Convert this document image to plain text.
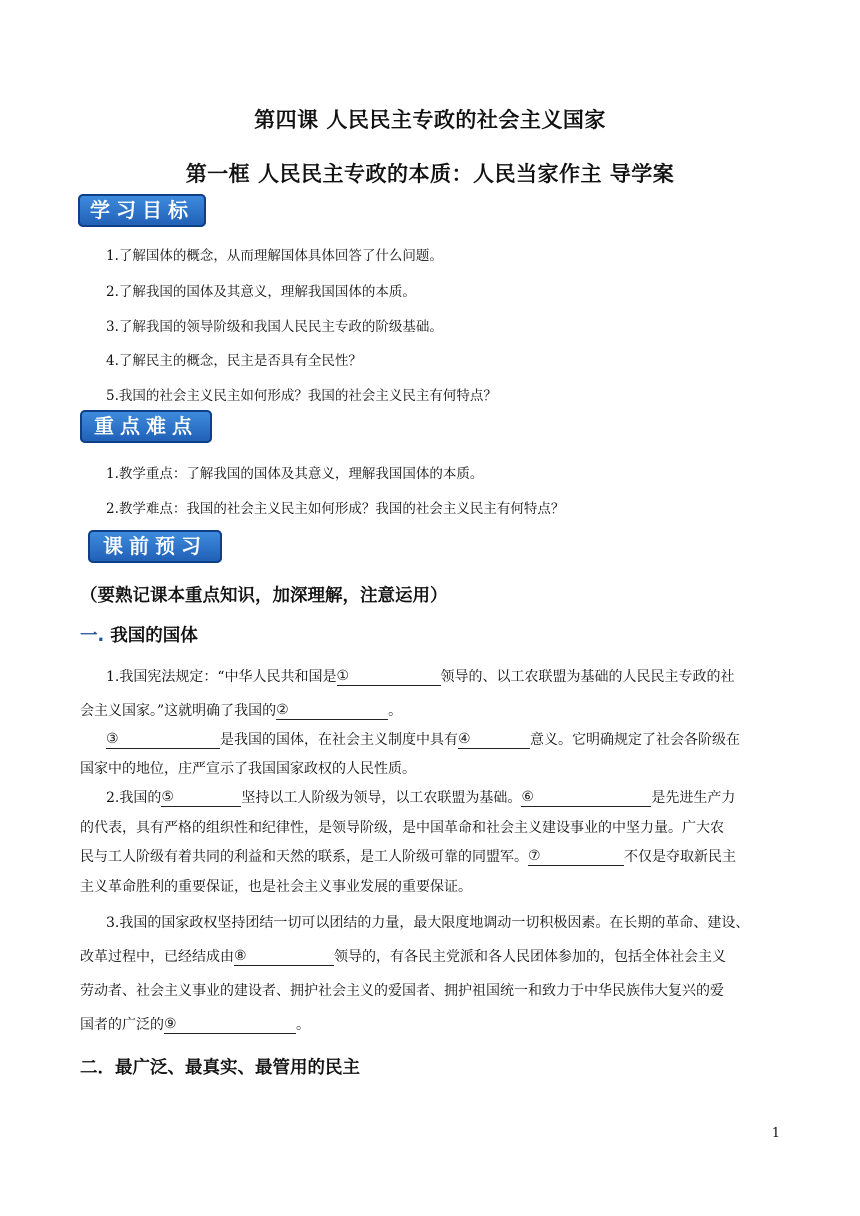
第四课 人民民主专政的社会主义国家
第一框 人民民主专政的本质：人民当家作主 导学案
学习目标
1.了解国体的概念，从而理解国体具体回答了什么问题。
2.了解我国的国体及其意义，理解我国国体的本质。
3.了解我国的领导阶级和我国人民民主专政的阶级基础。
4.了解民主的概念，民主是否具有全民性？
5.我国的社会主义民主如何形成？我国的社会主义民主有何特点？
重点难点
1.教学重点：了解我国的国体及其意义，理解我国国体的本质。
2.教学难点：我国的社会主义民主如何形成？我国的社会主义民主有何特点？
课前预习
（要熟记课本重点知识，加深理解，注意运用）
一. 我国的国体
1.我国宪法规定：“中华人民共和国是 ①	领导的、以工农联盟为基础的人民民主专政的社
会主义国家。”这就明确了我国的 ②	。
③	是我国的国体，在社会主义制度中具有 ④	意义。它明确规定了社会各阶级在
国家中的地位，庄严宣示了我国国家政权的人民性质。
2.我国的 ⑤	坚持以工人阶级为领导，以工农联盟为基础。 ⑥	是先进生产力
的代表，具有严格的组织性和纪律性，是领导阶级，是中国革命和社会主义建设事业的中坚力量。广大农
民与工人阶级有着共同的利益和天然的联系，是工人阶级可靠的同盟军。 ⑦	不仅是夺取新民主
主义革命胜利的重要保证，也是社会主义事业发展的重要保证。
3.我国的国家政权坚持团结一切可以团结的力量，最大限度地调动一切积极因素。在长期的革命、建设、
改革过程中，已经结成由 ⑧	领导的，有各民主党派和各人民团体参加的，包括全体社会主义
劳动者、社会主义事业的建设者、拥护社会主义的爱国者、拥护祖国统一和致力于中华民族伟大复兴的爱
国者的广泛的 ⑨	。
二．最广泛、最真实、最管用的民主
1
